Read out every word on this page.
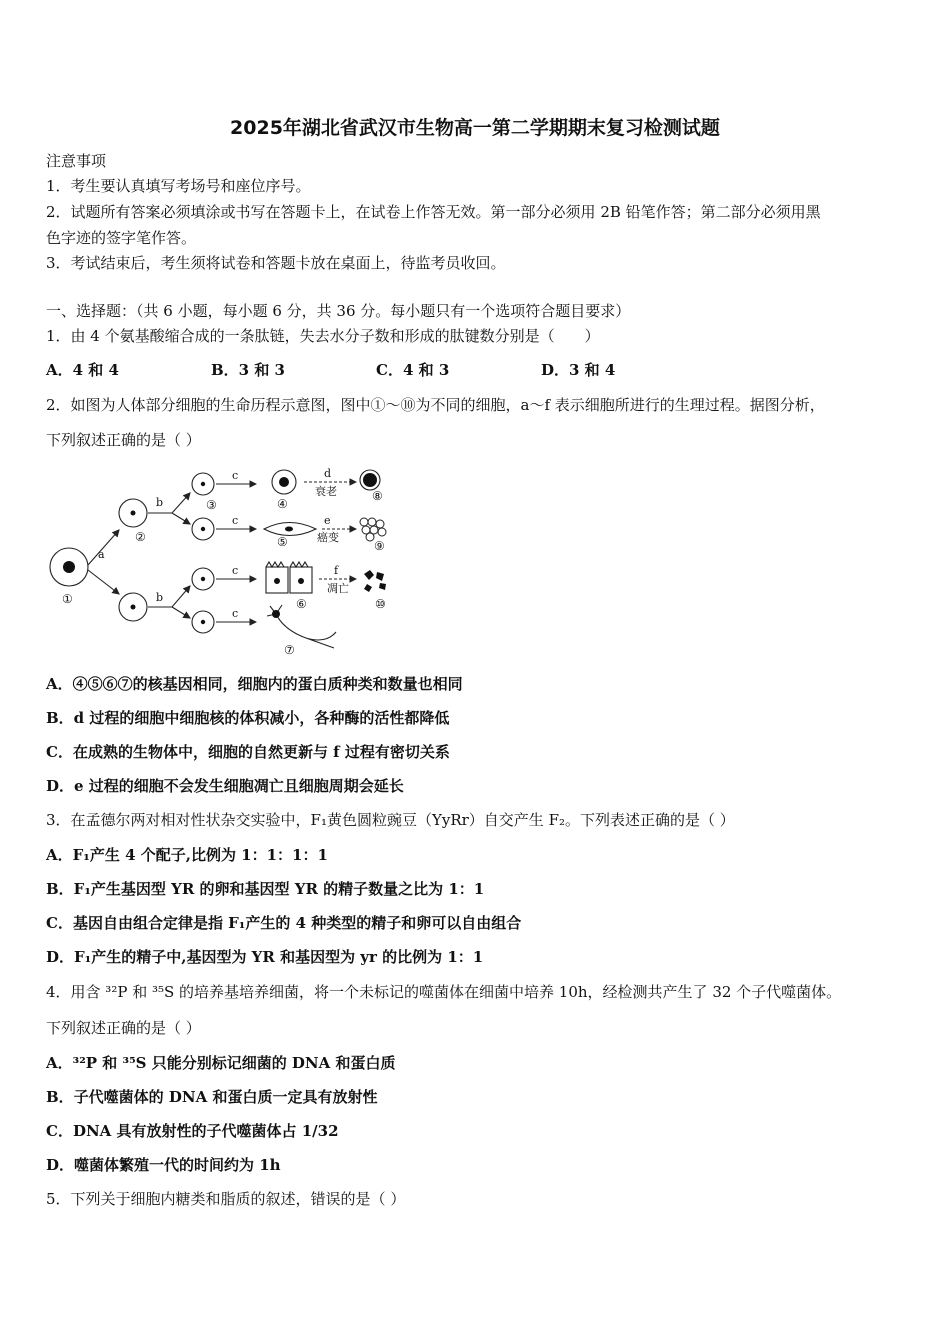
2025年湖北省武汉市生物高一第二学期期末复习检测试题
注意事项
1．考生要认真填写考场号和座位序号。
2．试题所有答案必须填涂或书写在答题卡上，在试卷上作答无效。第一部分必须用 2B 铅笔作答；第二部分必须用黑
色字迹的签字笔作答。
3．考试结束后，考生须将试卷和答题卡放在桌面上，待监考员收回。
一、选择题：（共 6 小题，每小题 6 分，共 36 分。每小题只有一个选项符合题目要求）
1．由 4 个氨基酸缩合成的一条肽链，失去水分子数和形成的肽键数分别是（　　）
A．4 和 4	B．3 和 3	C．4 和 3	D．3 和 4
2．如图为人体部分细胞的生命历程示意图，图中①～⑩为不同的细胞，a～f 表示细胞所进行的生理过程。据图分析，
下列叙述正确的是（ ）
a
b
b
c
c
c
c
d
e
f
衰老
癌变
凋亡
①
②
③	④
⑤
⑥
⑦
⑧
⑨
⑩
A．④⑤⑥⑦的核基因相同，细胞内的蛋白质种类和数量也相同
B．d 过程的细胞中细胞核的体积减小，各种酶的活性都降低
C．在成熟的生物体中，细胞的自然更新与 f 过程有密切关系
D．e 过程的细胞不会发生细胞凋亡且细胞周期会延长
3．在孟德尔两对相对性状杂交实验中，F₁黄色圆粒豌豆（YyRr）自交产生 F₂。下列表述正确的是（ ）
A．F₁产生 4 个配子,比例为 1：1：1：1
B．F₁产生基因型 YR 的卵和基因型 YR 的精子数量之比为 1：1
C．基因自由组合定律是指 F₁产生的 4 种类型的精子和卵可以自由组合
D．F₁产生的精子中,基因型为 YR 和基因型为 yr 的比例为 1：1
4．用含 ³²P 和 ³⁵S 的培养基培养细菌，将一个未标记的噬菌体在细菌中培养 10h，经检测共产生了 32 个子代噬菌体。
下列叙述正确的是（ ）
A．³²P 和 ³⁵S 只能分别标记细菌的 DNA 和蛋白质
B．子代噬菌体的 DNA 和蛋白质一定具有放射性
C．DNA 具有放射性的子代噬菌体占 1/32
D．噬菌体繁殖一代的时间约为 1h
5．下列关于细胞内糖类和脂质的叙述，错误的是（ ）
